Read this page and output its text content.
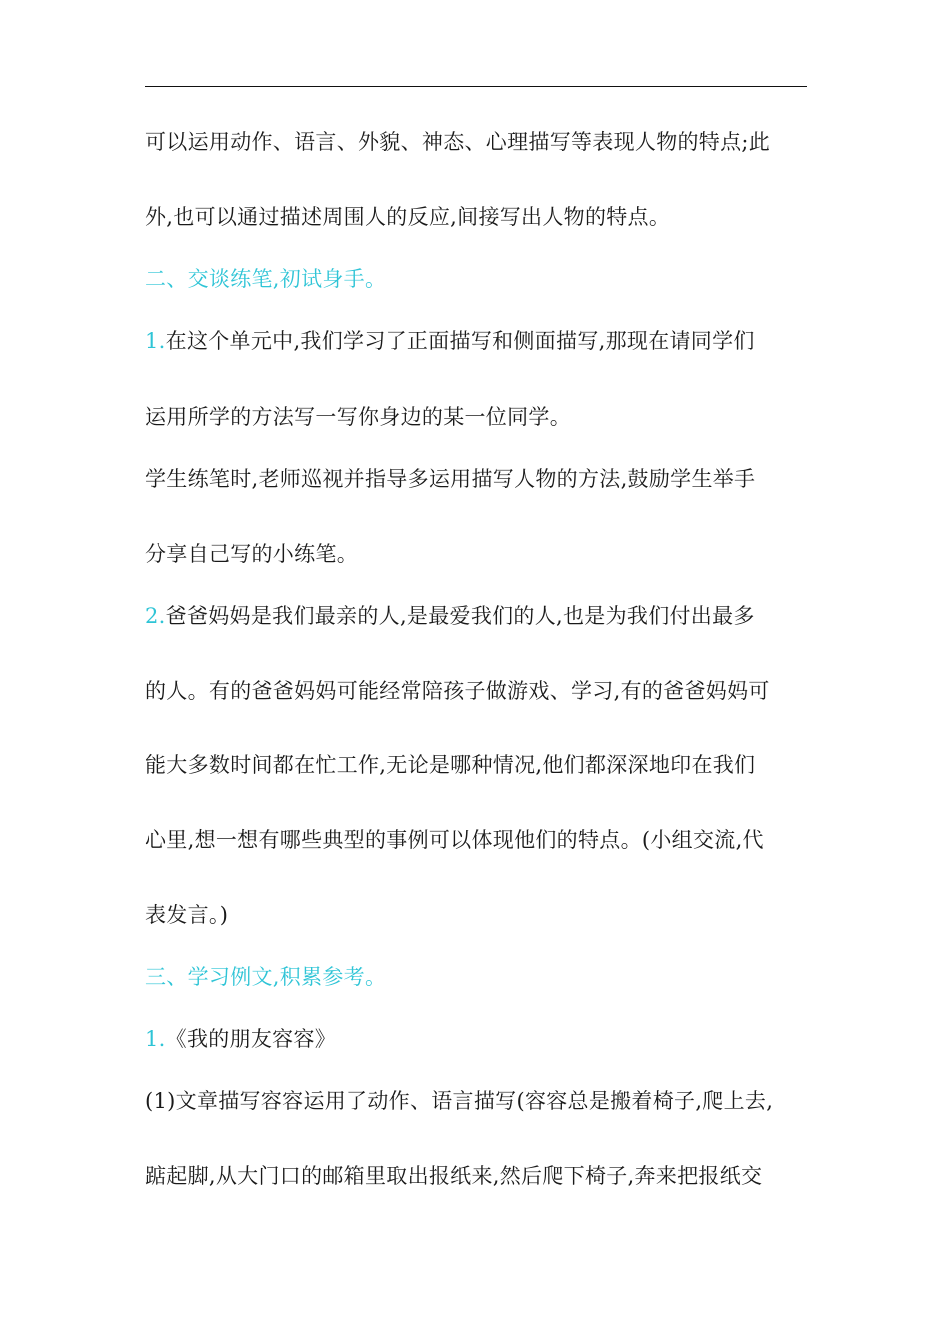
可以运用动作、语言、外貌、神态、心理描写等表现人物的特点;此
外,也可以通过描述周围人的反应,间接写出人物的特点。
二、交谈练笔,初试身手。
1.在这个单元中,我们学习了正面描写和侧面描写,那现在请同学们
运用所学的方法写一写你身边的某一位同学。
学生练笔时,老师巡视并指导多运用描写人物的方法,鼓励学生举手
分享自己写的小练笔。
2.爸爸妈妈是我们最亲的人,是最爱我们的人,也是为我们付出最多
的人。有的爸爸妈妈可能经常陪孩子做游戏、学习,有的爸爸妈妈可
能大多数时间都在忙工作,无论是哪种情况,他们都深深地印在我们
心里,想一想有哪些典型的事例可以体现他们的特点。(小组交流,代
表发言。)
三、学习例文,积累参考。
1.《我的朋友容容》
(1)文章描写容容运用了动作、语言描写(容容总是搬着椅子,爬上去,
踮起脚,从大门口的邮箱里取出报纸来,然后爬下椅子,奔来把报纸交
